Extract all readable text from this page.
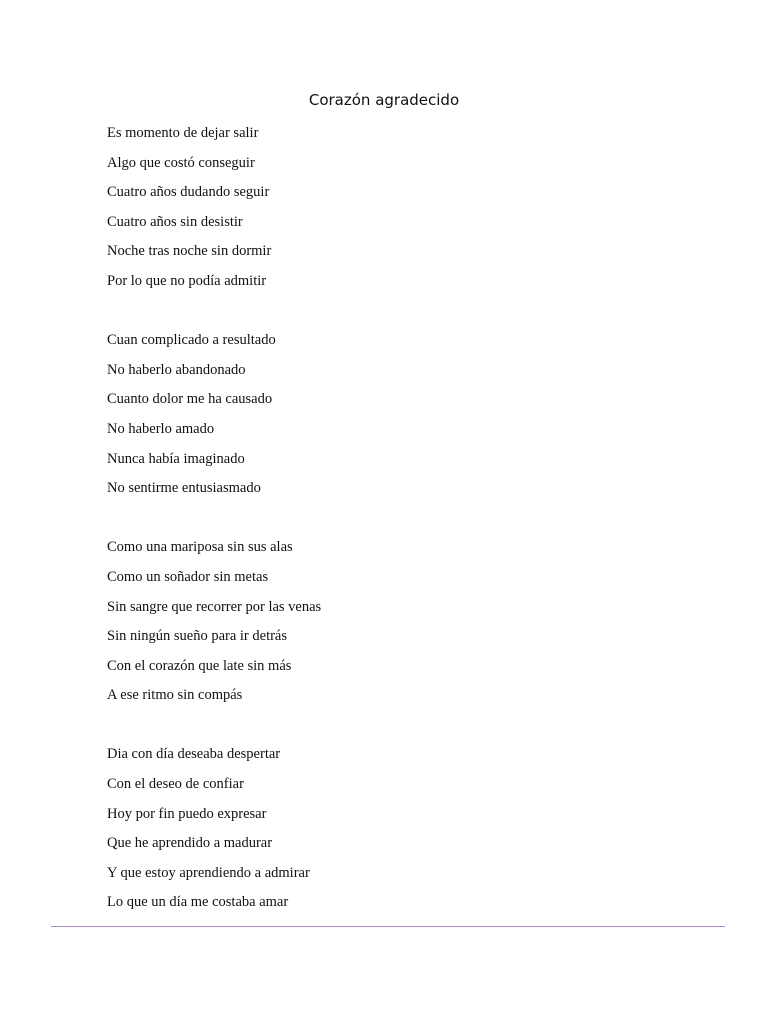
Corazón agradecido
Es momento de dejar salir
Algo que costó conseguir
Cuatro años dudando seguir
Cuatro años sin desistir
Noche tras noche sin dormir
Por lo que no podía admitir
Cuan complicado a resultado
No haberlo abandonado
Cuanto dolor me ha causado
No haberlo amado
Nunca había imaginado
No sentirme entusiasmado
Como una mariposa sin sus alas
Como un soñador sin metas
Sin sangre que recorrer por las venas
Sin ningún sueño para ir detrás
Con el corazón que late sin más
A ese ritmo sin compás
Dia con día deseaba despertar
Con el deseo de confiar
Hoy por fin puedo expresar
Que he aprendido a madurar
Y que estoy aprendiendo a admirar
Lo que un día me costaba amar
